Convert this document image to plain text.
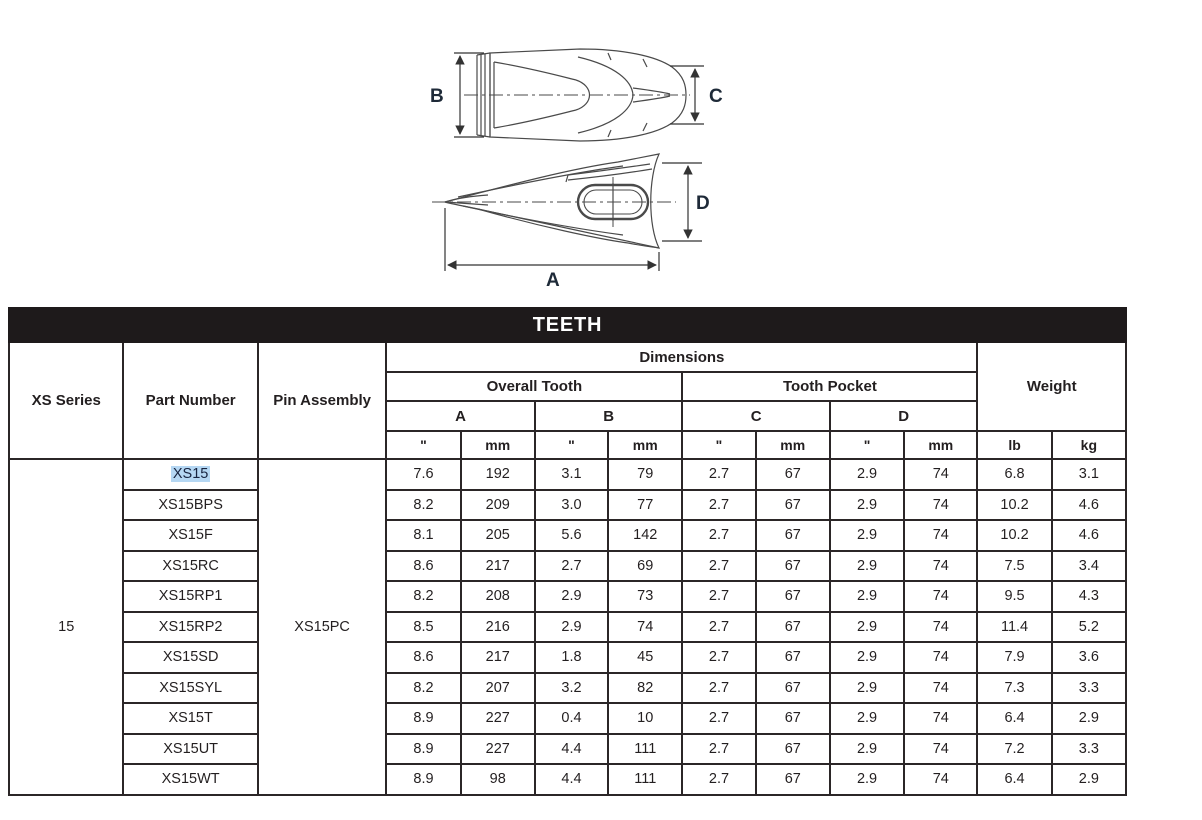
B	C
D
A
TEETH												
XS Series	Part Number	Pin Assembly	Dimensions								Weight	
			Overall Tooth				Tooth Pocket					
			A		B		C		D			
			"	mm	"	mm	"	mm	"	mm	lb	kg
15	XS15	XS15PC	7.6	192	3.1	79	2.7	67	2.9	74	6.8	3.1
	XS15BPS		8.2	209	3.0	77	2.7	67	2.9	74	10.2	4.6
	XS15F		8.1	205	5.6	142	2.7	67	2.9	74	10.2	4.6
	XS15RC		8.6	217	2.7	69	2.7	67	2.9	74	7.5	3.4
	XS15RP1		8.2	208	2.9	73	2.7	67	2.9	74	9.5	4.3
	XS15RP2		8.5	216	2.9	74	2.7	67	2.9	74	11.4	5.2
	XS15SD		8.6	217	1.8	45	2.7	67	2.9	74	7.9	3.6
	XS15SYL		8.2	207	3.2	82	2.7	67	2.9	74	7.3	3.3
	XS15T		8.9	227	0.4	10	2.7	67	2.9	74	6.4	2.9
	XS15UT		8.9	227	4.4	111	2.7	67	2.9	74	7.2	3.3
	XS15WT		8.9	98	4.4	111	2.7	67	2.9	74	6.4	2.9
